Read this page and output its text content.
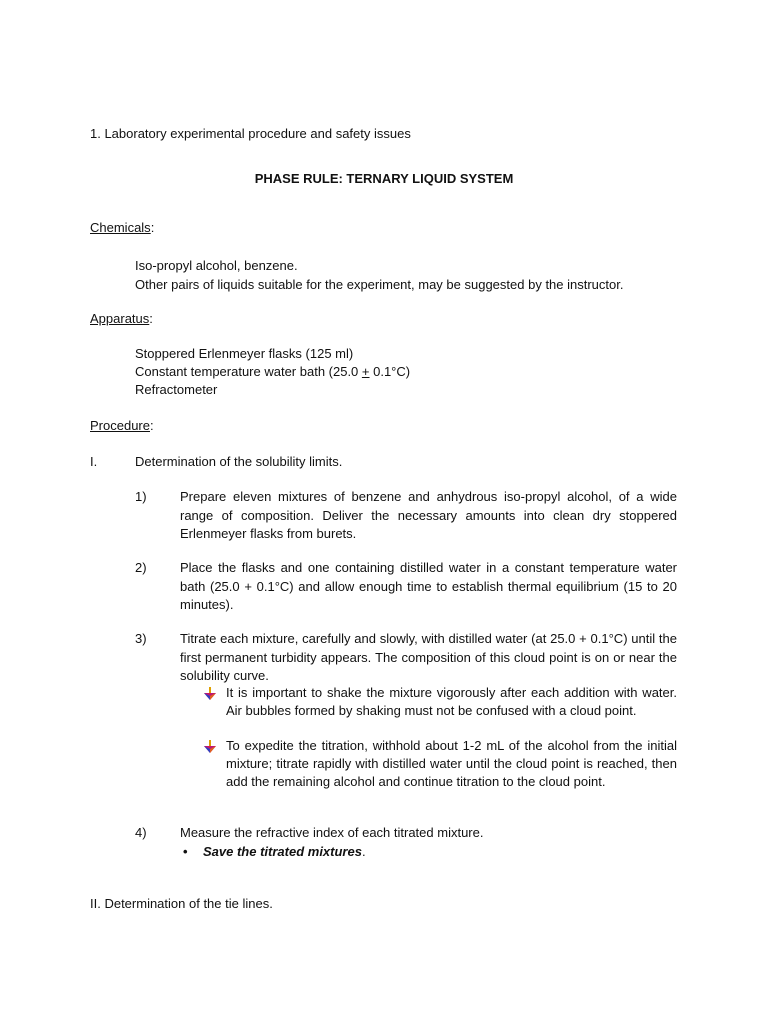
1. Laboratory experimental procedure and safety issues
PHASE RULE: TERNARY LIQUID SYSTEM
Chemicals:
Iso-propyl alcohol, benzene.
Other pairs of liquids suitable for the experiment, may be suggested by the instructor.
Apparatus:
Stoppered Erlenmeyer flasks (125 ml)
Constant temperature water bath (25.0 + 0.1°C)
Refractometer
Procedure:
I.	Determination of the solubility limits.
1)	Prepare eleven mixtures of benzene and anhydrous iso-propyl alcohol, of a wide range of composition. Deliver the necessary amounts into clean dry stoppered Erlenmeyer flasks from burets.
2)	Place the flasks and one containing distilled water in a constant temperature water bath (25.0 + 0.1°C) and allow enough time to establish thermal equilibrium (15 to 20 minutes).
3)	Titrate each mixture, carefully and slowly, with distilled water (at 25.0 + 0.1°C) until the first permanent turbidity appears. The composition of this cloud point is on or near the solubility curve.
It is important to shake the mixture vigorously after each addition with water. Air bubbles formed by shaking must not be confused with a cloud point.
To expedite the titration, withhold about 1-2 mL of the alcohol from the initial mixture; titrate rapidly with distilled water until the cloud point is reached, then add the remaining alcohol and continue titration to the cloud point.
4)	Measure the refractive index of each titrated mixture.
• Save the titrated mixtures.
II. Determination of the tie lines.
